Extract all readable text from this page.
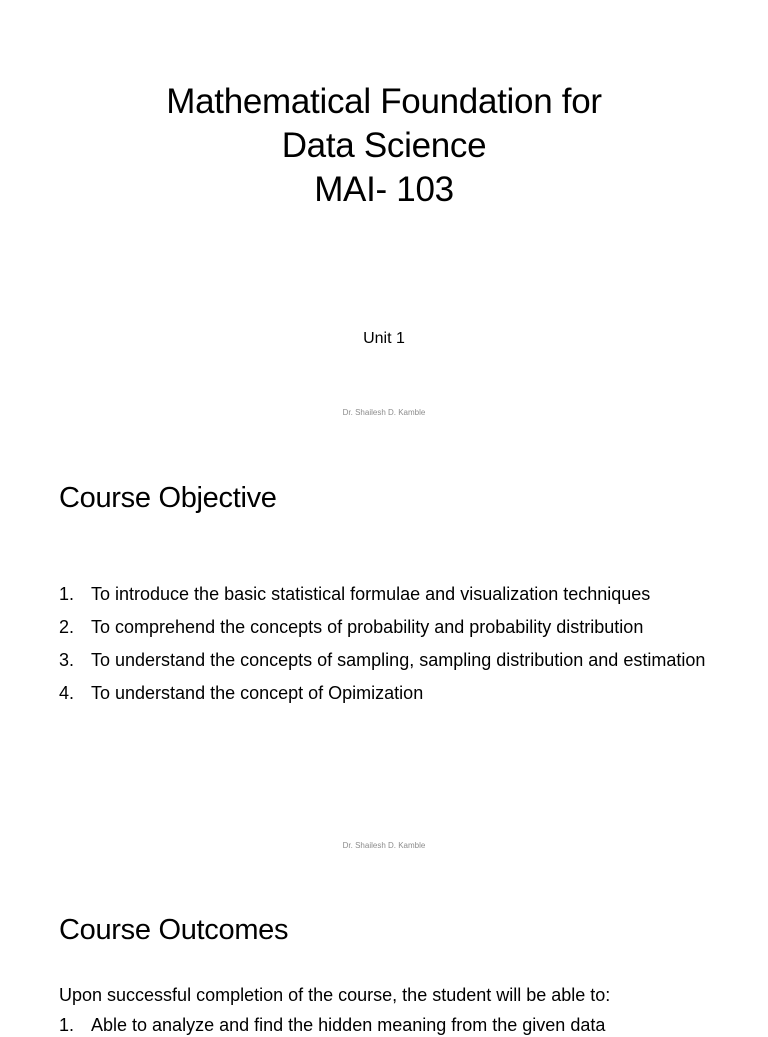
Mathematical Foundation for
Data Science
MAI- 103
Unit 1
Dr. Shailesh D. Kamble
Course Objective
1. To introduce the basic statistical formulae and visualization techniques
2. To comprehend the concepts of probability and probability distribution
3. To understand the concepts of sampling, sampling distribution and estimation
4. To understand the concept of Opimization
Dr. Shailesh D. Kamble
Course Outcomes
Upon successful completion of the course, the student will be able to:
1. Able to analyze and find the hidden meaning from the given data
